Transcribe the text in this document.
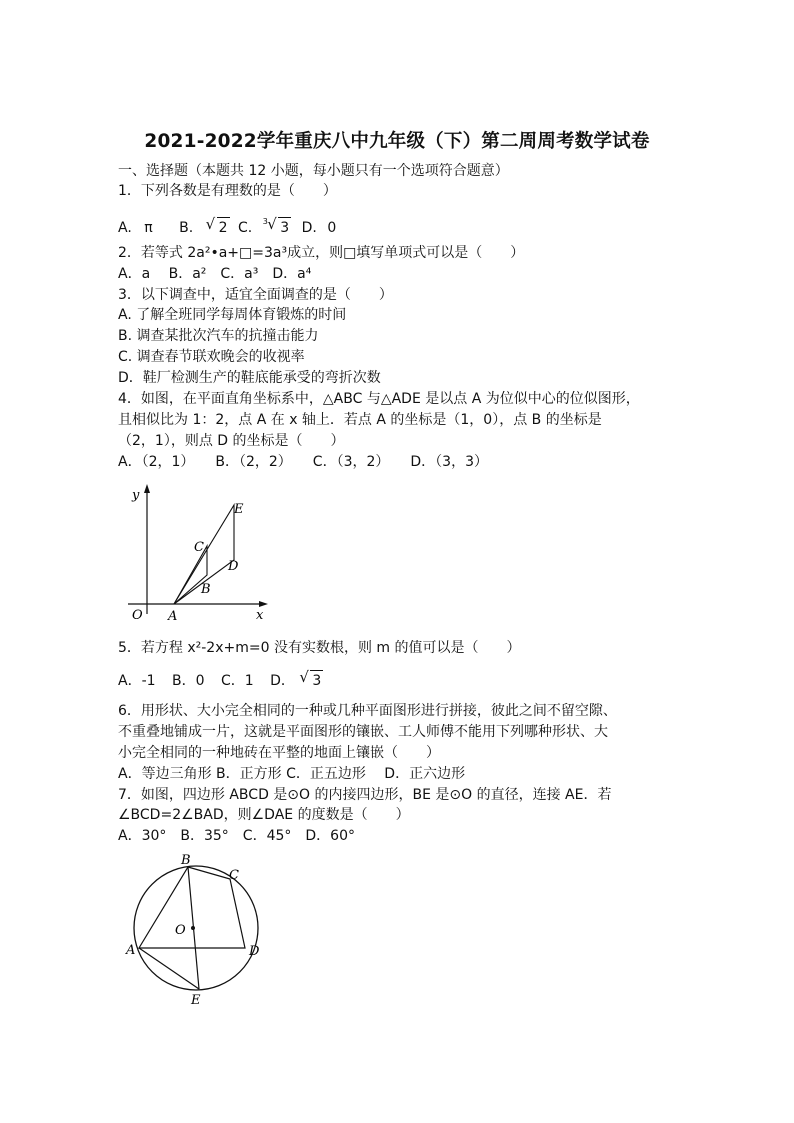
2021-2022学年重庆八中九年级（下）第二周周考数学试卷
一、选择题（本题共 12 小题，每小题只有一个选项符合题意）
1．下列各数是有理数的是（　　）
A. π B. √ 2 C. 3 √ 3 D. 0
2．若等式 2a²•a+□=3a³成立，则□填写单项式可以是（　　）
A．a　 B．a²　C．a³　D．a⁴
3．以下调查中，适宜全面调查的是（　　）
A. 了解全班同学每周体育锻炼的时间
B. 调查某批次汽车的抗撞击能力
C. 调查春节联欢晚会的收视率
D．鞋厂检测生产的鞋底能承受的弯折次数
4．如图，在平面直角坐标系中，△ABC 与△ADE 是以点 A 为位似中心的位似图形，
且相似比为 1：2，点 A 在 x 轴上．若点 A 的坐标是（1，0），点 B 的坐标是
（2，1），则点 D 的坐标是（　　）
A．（2，1）　　B．（2，2）　　C．（3，2）　　D．（3，3）
y
x
O A
B
C
D
E
5．若方程 x²-2x+m=0 没有实数根，则 m 的值可以是（　　）
A．-1 B．0 C．1 D． √ 3
6．用形状、大小完全相同的一种或几种平面图形进行拼接，彼此之间不留空隙、
不重叠地铺成一片，这就是平面图形的镶嵌、工人师傅不能用下列哪种形状、大
小完全相同的一种地砖在平整的地面上镶嵌（　　）
A．等边三角形 B．正方形 C．正五边形　 D．正六边形
7．如图，四边形 ABCD 是⊙O 的内接四边形，BE 是⊙O 的直径，连接 AE．若
∠BCD=2∠BAD，则∠DAE 的度数是（　　）
A．30°　B．35°　C．45°　D．60°
A
B
C
D
E
O
